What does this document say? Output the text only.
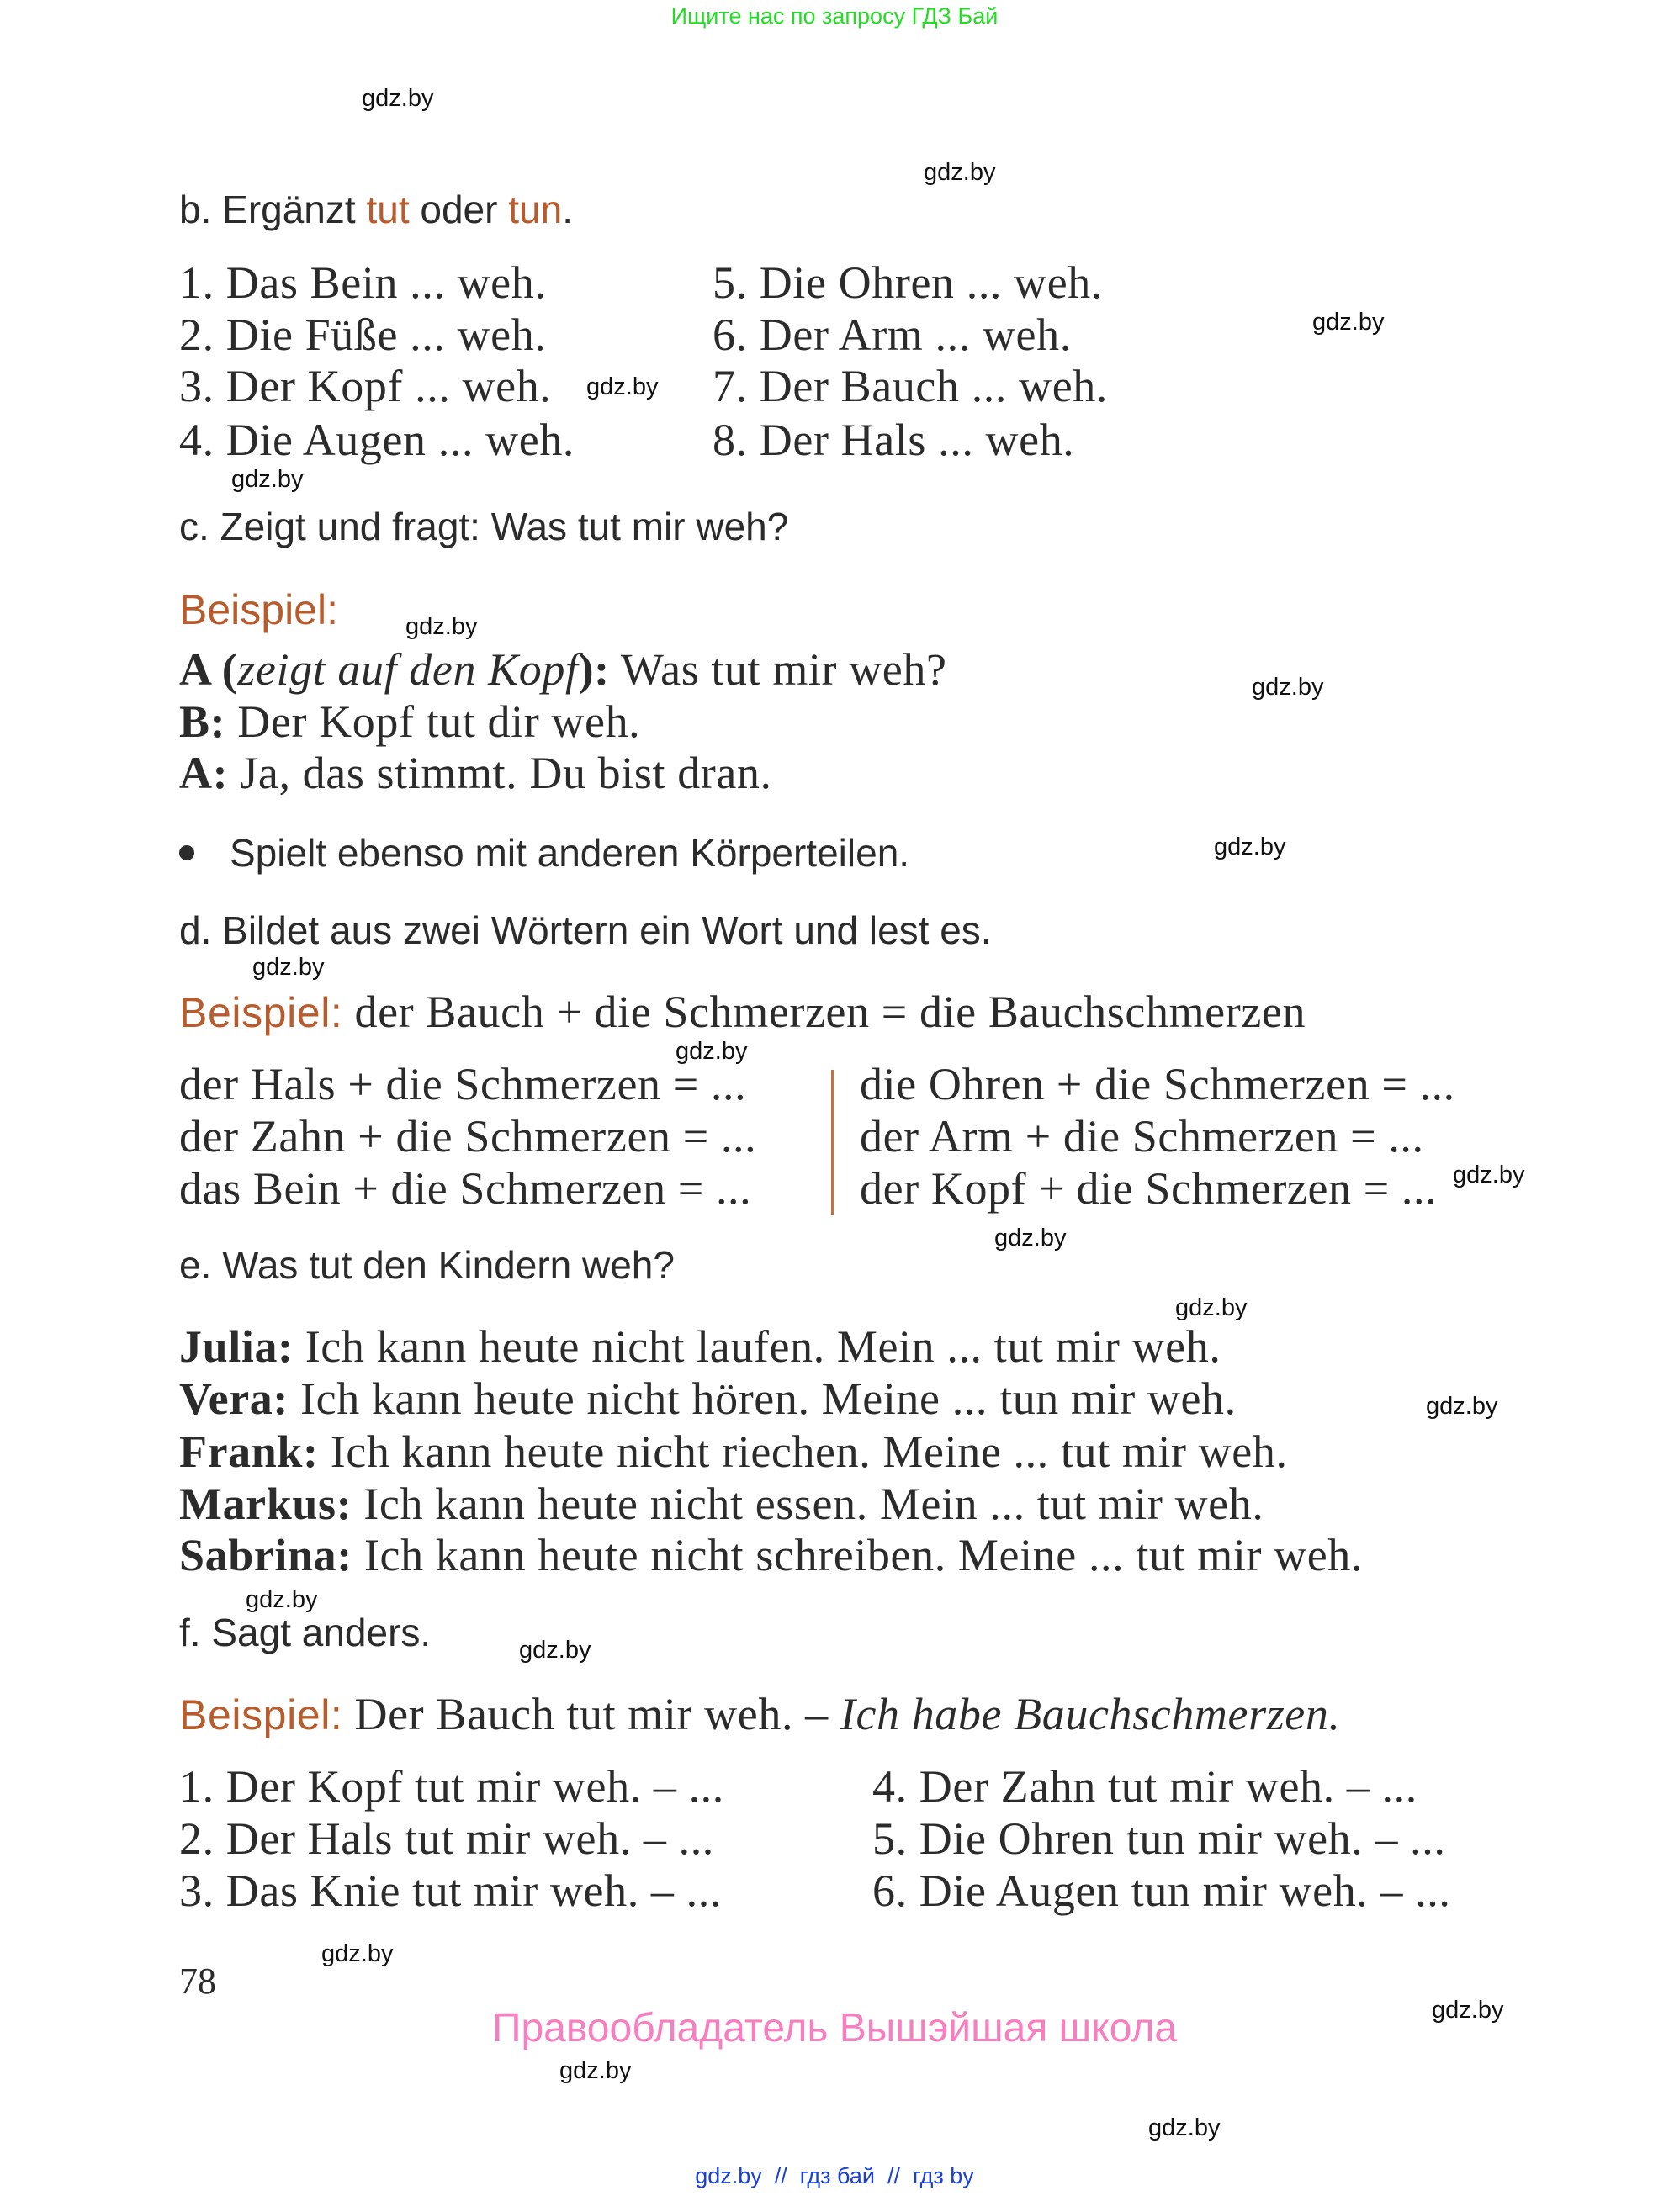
Ищите нас по запросу ГДЗ Бай
gdz.by
gdz.by
gdz.by
gdz.by
gdz.by
gdz.by
gdz.by
gdz.by
gdz.by
gdz.by
gdz.by
gdz.by
gdz.by
gdz.by
gdz.by
gdz.by
gdz.by
gdz.by
gdz.by
gdz.by
b. Ergänzt tut oder tun.
1. Das Bein ... weh.	5. Die Ohren ... weh.
2. Die Füße ... weh.	6. Der Arm ... weh.
3. Der Kopf ... weh.	7. Der Bauch ... weh.
4. Die Augen ... weh.	8. Der Hals ... weh.
c. Zeigt und fragt: Was tut mir weh?
Beispiel:
A (zeigt auf den Kopf): Was tut mir weh?
B: Der Kopf tut dir weh.
A: Ja, das stimmt. Du bist dran.
Spielt ebenso mit anderen Körperteilen.
d. Bildet aus zwei Wörtern ein Wort und lest es.
Beispiel: der Bauch + die Schmerzen = die Bauchschmerzen
der Hals + die Schmerzen = ... die Ohren + die Schmerzen = ...
der Zahn + die Schmerzen = ... der Arm + die Schmerzen = ...
das Bein + die Schmerzen = ... der Kopf + die Schmerzen = ...
e. Was tut den Kindern weh?
Julia: Ich kann heute nicht laufen. Mein ... tut mir weh.
Vera: Ich kann heute nicht hören. Meine ... tun mir weh.
Frank: Ich kann heute nicht riechen. Meine ... tut mir weh.
Markus: Ich kann heute nicht essen. Mein ... tut mir weh.
Sabrina: Ich kann heute nicht schreiben. Meine ... tut mir weh.
f. Sagt anders.
Beispiel: Der Bauch tut mir weh. – Ich habe Bauchschmerzen.
1. Der Kopf tut mir weh. – ...	4. Der Zahn tut mir weh. – ...
2. Der Hals tut mir weh. – ...	5. Die Ohren tun mir weh. – ...
3. Das Knie tut mir weh. – ...	6. Die Augen tun mir weh. – ...
78
Правообладатель Вышэйшая школа
gdz.by  //  гдз бай  //  гдз by
